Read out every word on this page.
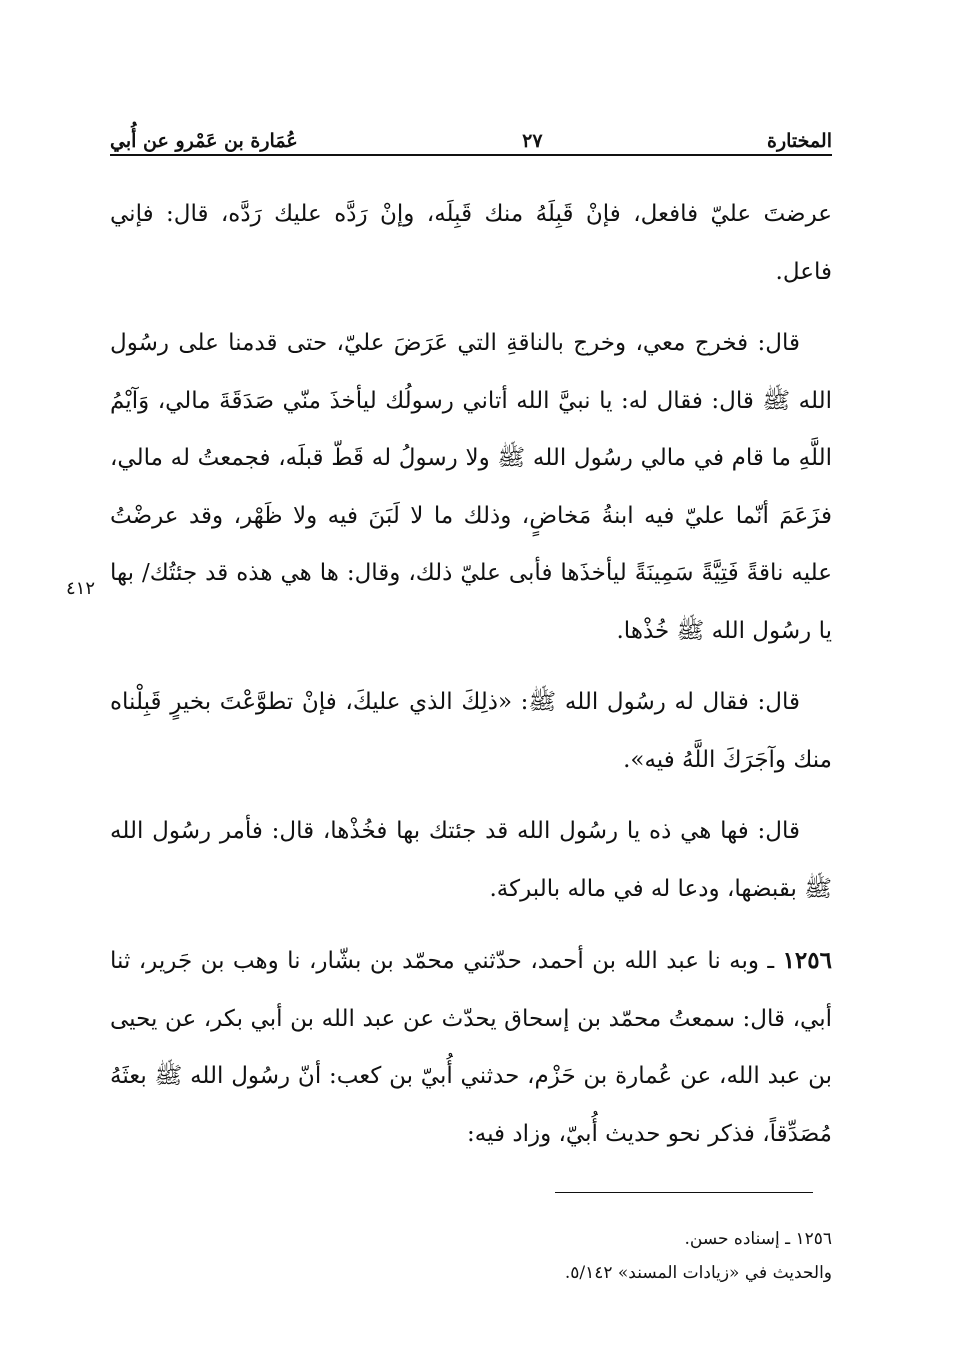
المختارة
٢٧
عُمَارة بن عَمْرو عن أُبي

عرضتَ عليّ فافعل، فإنْ قَبِلَهُ منك قَبِلَه، وإنْ رَدَّه عليك رَدَّه، قال: فإني فاعل.

قال: فخرج معي، وخرج بالناقةِ التي عَرَضَ عليّ، حتى قدمنا على رسُول الله ﷺ قال: فقال له: يا نبيَّ الله أتاني رسولُك ليأخذَ منّي صَدَقَةَ مالي، وَآيْمُ اللَّهِ ما قام في مالي رسُول الله ﷺ ولا رسولُ له قَطّ قبلَه، فجمعتُ له مالي، فزَعَمَ أنّما عليّ فيه ابنةُ مَخاضٍ، وذلك ما لا لَبَنَ فيه ولا ظَهْر، وقد عرضْتُ عليه ناقةً فَتِيَّةً سَمِينَةً ليأخذَها فأبى عليّ ذلك، وقال: ها هي هذه قد جئتُك/ بها يا رسُول الله ﷺ خُذْها.

قال: فقال له رسُول الله ﷺ: «ذلِكَ الذي عليكَ، فإنْ تطوَّعْتَ بخيرٍ قَبِلْناه منك وآجَرَكَ اللَّهُ فيه».

قال: فها هي ذه يا رسُول الله قد جئتك بها فخُذْها، قال: فأمر رسُول الله ﷺ بقبضها، ودعا له في ماله بالبركة.

١٢٥٦ ـ وبه نا عبد الله بن أحمد، حدّثني محمّد بن بشّار، نا وهب بن جَرير، ثنا أبي، قال: سمعتُ محمّد بن إسحاق يحدّث عن عبد الله بن أبي بكر، عن يحيى بن عبد الله، عن عُمارة بن حَزْم، حدثني أُبيّ بن كعب: أنّ رسُول الله ﷺ بعثَهُ مُصَدِّقاً، فذكر نحو حديث أُبيّ، وزاد فيه:

٤١٢

١٢٥٦ ـ إسناده حسن.

والحديث في «زيادات المسند» ٥/١٤٢.
